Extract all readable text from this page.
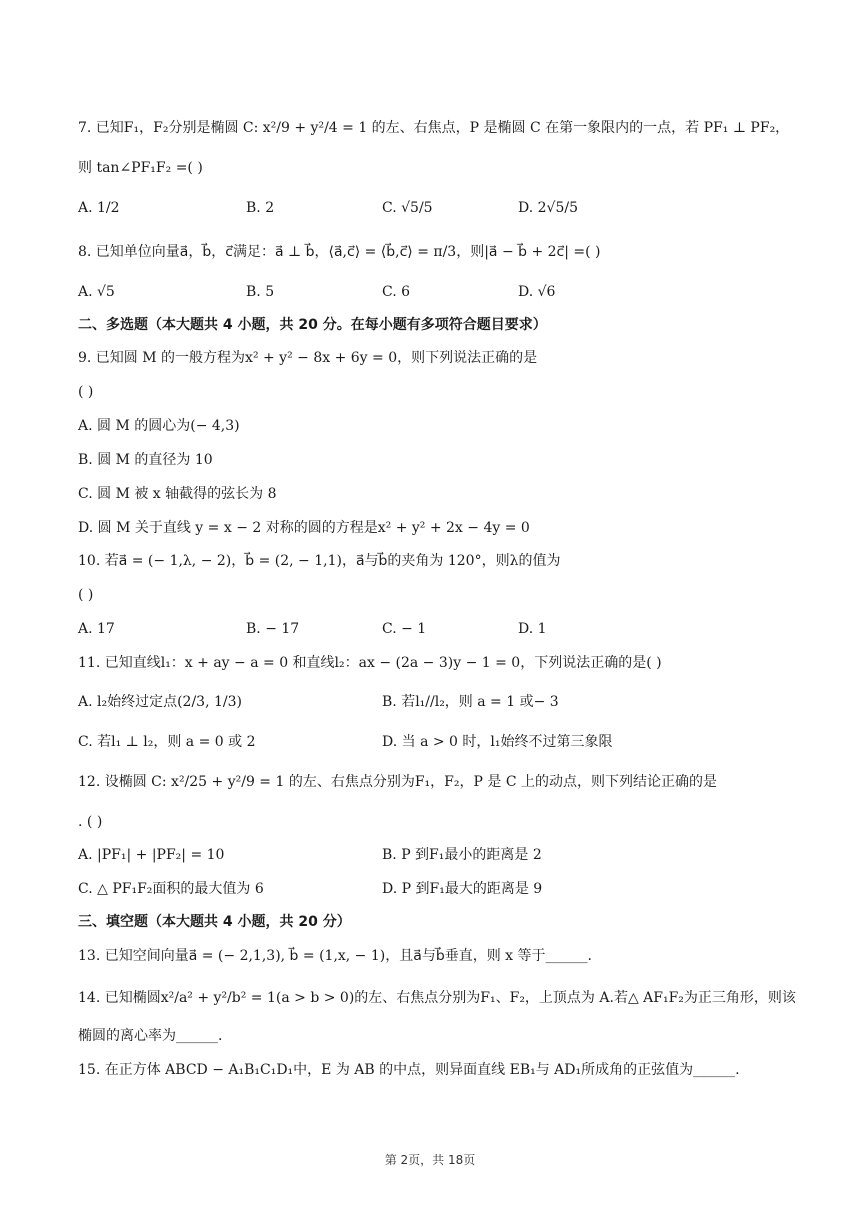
7. 已知F₁，F₂分别是椭圆 C: x²/9 + y²/4 = 1 的左、右焦点，P 是椭圆 C 在第一象限内的一点，若 PF₁ ⊥ PF₂，
则 tan∠PF₁F₂ =( )
A. 1/2	B. 2	C. √5/5	D. 2√5/5
8. 已知单位向量a⃗，b⃗，c⃗满足：a⃗ ⊥ b⃗，⟨a⃗,c⃗⟩ = ⟨b⃗,c⃗⟩ = π/3，则|a⃗ − b⃗ + 2c⃗| =( )
A. √5	B. 5	C. 6	D. √6
二、多选题（本大题共 4 小题，共 20 分。在每小题有多项符合题目要求）
9. 已知圆 M 的一般方程为x² + y² − 8x + 6y = 0，则下列说法正确的是
( )
A. 圆 M 的圆心为(− 4,3)
B. 圆 M 的直径为 10
C. 圆 M 被 x 轴截得的弦长为 8
D. 圆 M 关于直线 y = x − 2 对称的圆的方程是x² + y² + 2x − 4y = 0
10. 若a⃗ = (− 1,λ, − 2)，b⃗ = (2, − 1,1)，a⃗与b⃗的夹角为 120°，则λ的值为
( )
A. 17	B. − 17	C. − 1	D. 1
11. 已知直线l₁：x + ay − a = 0 和直线l₂：ax − (2a − 3)y − 1 = 0，下列说法正确的是( )
A. l₂始终过定点(2/3, 1/3)	B. 若l₁//l₂，则 a = 1 或− 3
C. 若l₁ ⊥ l₂，则 a = 0 或 2	D. 当 a > 0 时，l₁始终不过第三象限
12. 设椭圆 C: x²/25 + y²/9 = 1 的左、右焦点分别为F₁，F₂，P 是 C 上的动点，则下列结论正确的是
. ( )
A. |PF₁| + |PF₂| = 10	B. P 到F₁最小的距离是 2
C. △ PF₁F₂面积的最大值为 6	D. P 到F₁最大的距离是 9
三、填空题（本大题共 4 小题，共 20 分）
13. 已知空间向量a⃗ = (− 2,1,3), b⃗ = (1,x, − 1)，且a⃗与b⃗垂直，则 x 等于______.
14. 已知椭圆x²/a² + y²/b² = 1(a > b > 0)的左、右焦点分别为F₁、F₂，上顶点为 A.若△ AF₁F₂为正三角形，则该
椭圆的离心率为______.
15. 在正方体 ABCD − A₁B₁C₁D₁中，E 为 AB 的中点，则异面直线 EB₁与 AD₁所成角的正弦值为______.
第 2页，共 18页
